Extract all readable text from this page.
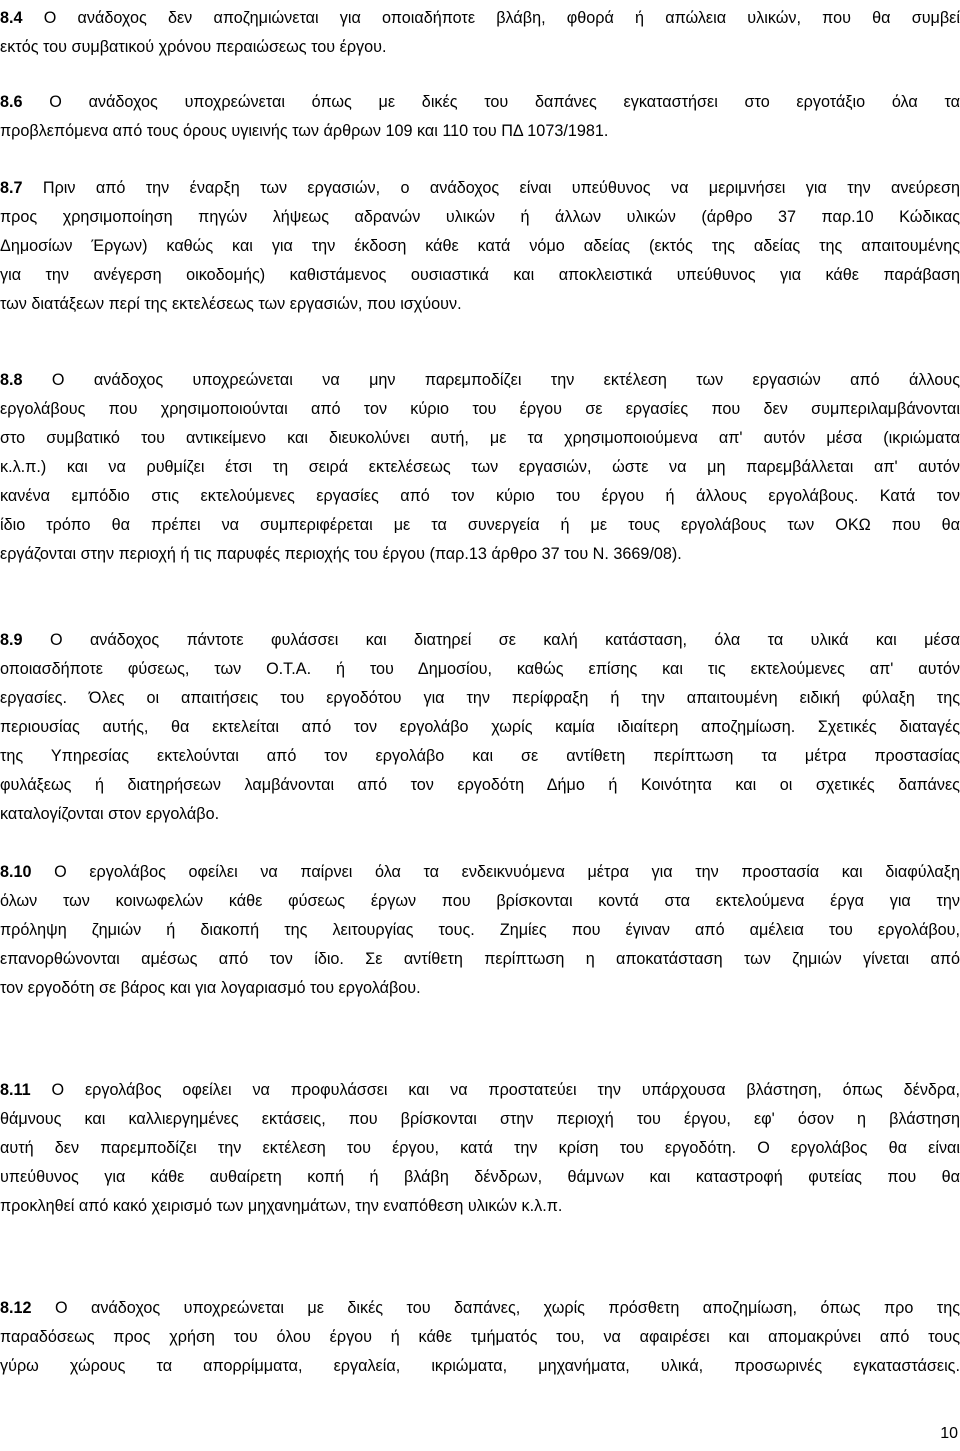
8.4 Ο ανάδοχος δεν αποζημιώνεται για οποιαδήποτε βλάβη, φθορά ή απώλεια υλικών, που θα συμβεί
εκτός του συμβατικού χρόνου περαιώσεως του έργου.
8.6 Ο ανάδοχος υποχρεώνεται όπως με δικές του δαπάνες εγκαταστήσει στο εργοτάξιο όλα τα
προβλεπόμενα από τους όρους υγιεινής των άρθρων 109 και 110 του ΠΔ 1073/1981.
8.7 Πριν από την έναρξη των εργασιών, ο ανάδοχος είναι υπεύθυνος να μεριμνήσει για την ανεύρεση
προς χρησιμοποίηση πηγών λήψεως αδρανών υλικών ή άλλων υλικών (άρθρο 37 παρ.10 Κώδικας
Δημοσίων Έργων) καθώς και για την έκδοση κάθε κατά νόμο αδείας (εκτός της αδείας της απαιτουμένης
για την ανέγερση οικοδομής) καθιστάμενος ουσιαστικά και αποκλειστικά υπεύθυνος για κάθε παράβαση
των διατάξεων περί της εκτελέσεως των εργασιών, που ισχύουν.
8.8 Ο ανάδοχος υποχρεώνεται να μην παρεμποδίζει την εκτέλεση των εργασιών από άλλους
εργολάβους που χρησιμοποιούνται από τον κύριο του έργου σε εργασίες που δεν συμπεριλαμβάνονται
στο συμβατικό του αντικείμενο και διευκολύνει αυτή, με τα χρησιμοποιούμενα απ' αυτόν μέσα (ικριώματα
κ.λ.π.) και να ρυθμίζει έτσι τη σειρά εκτελέσεως των εργασιών, ώστε να μη παρεμβάλλεται απ' αυτόν
κανένα εμπόδιο στις εκτελούμενες εργασίες από τον κύριο του έργου ή άλλους εργολάβους. Κατά τον
ίδιο τρόπο θα πρέπει να συμπεριφέρεται με τα συνεργεία ή με τους εργολάβους των ΟΚΩ που θα
εργάζονται στην περιοχή ή τις παρυφές περιοχής του έργου (παρ.13 άρθρο 37 του Ν. 3669/08).
8.9 Ο ανάδοχος πάντοτε φυλάσσει και διατηρεί σε καλή κατάσταση, όλα τα υλικά και μέσα
οποιασδήποτε φύσεως, των Ο.Τ.Α. ή του Δημοσίου, καθώς επίσης και τις εκτελούμενες απ' αυτόν
εργασίες. Όλες οι απαιτήσεις του εργοδότου για την περίφραξη ή την απαιτουμένη ειδική φύλαξη της
περιουσίας αυτής, θα εκτελείται από τον εργολάβο χωρίς καμία ιδιαίτερη αποζημίωση. Σχετικές διαταγές
της Υπηρεσίας εκτελούνται από τον εργολάβο και σε αντίθετη περίπτωση τα μέτρα προστασίας
φυλάξεως ή διατηρήσεων λαμβάνονται από τον εργοδότη Δήμο ή Κοινότητα και οι σχετικές δαπάνες
καταλογίζονται στον εργολάβο.
8.10 Ο εργολάβος οφείλει να παίρνει όλα τα ενδεικνυόμενα μέτρα για την προστασία και διαφύλαξη
όλων των κοινωφελών κάθε φύσεως έργων που βρίσκονται κοντά στα εκτελούμενα έργα για την
πρόληψη ζημιών ή διακοπή της λειτουργίας τους. Ζημίες που έγιναν από αμέλεια του εργολάβου,
επανορθώνονται αμέσως από τον ίδιο. Σε αντίθετη περίπτωση η αποκατάσταση των ζημιών γίνεται από
τον εργοδότη σε βάρος και για λογαριασμό του εργολάβου.
8.11 Ο εργολάβος οφείλει να προφυλάσσει και να προστατεύει την υπάρχουσα βλάστηση, όπως δένδρα,
θάμνους και καλλιεργημένες εκτάσεις, που βρίσκονται στην περιοχή του έργου, εφ' όσον η βλάστηση
αυτή δεν παρεμποδίζει την εκτέλεση του έργου, κατά την κρίση του εργοδότη. Ο εργολάβος θα είναι
υπεύθυνος για κάθε αυθαίρετη κοπή ή βλάβη δένδρων, θάμνων και καταστροφή φυτείας που θα
προκληθεί από κακό χειρισμό των μηχανημάτων, την εναπόθεση υλικών κ.λ.π.
8.12 Ο ανάδοχος υποχρεώνεται με δικές του δαπάνες, χωρίς πρόσθετη αποζημίωση, όπως προ της
παραδόσεως προς χρήση του όλου έργου ή κάθε τμήματός του, να αφαιρέσει και απομακρύνει από τους
γύρω χώρους τα απορρίμματα, εργαλεία, ικριώματα, μηχανήματα, υλικά, προσωρινές εγκαταστάσεις.
10
